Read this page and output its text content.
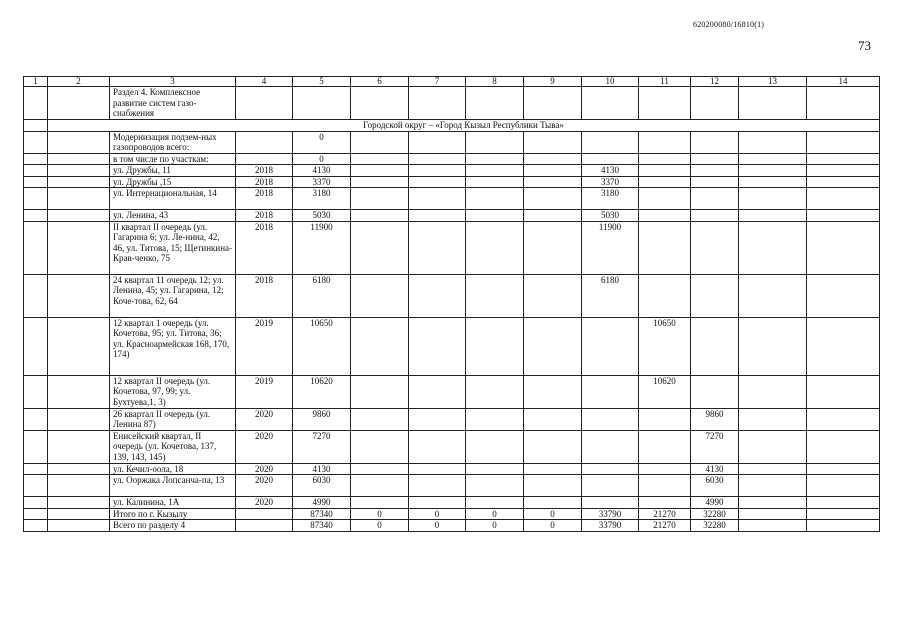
620200080/16810(1)
73
1	2	3	4	5	6	7	8	9	10	11	12	13	14
		Раздел 4. Комплексное развитие систем газо-снабжения											
	Городской округ – «Город Кызыл Республики Тыва»												
		Модернизация подзем-ных газопроводов всего:		0									
		в том числе по участкам:		0									
		ул. Дружбы, 11	2018	4130					4130				
		ул. Дружбы ,15	2018	3370					3370				
		ул. Интернациональная, 14	2018	3180					3180				
		ул. Ленина, 43	2018	5030					5030				
		II квартал II очередь (ул. Гагарина 6; ул. Ле-нина, 42, 46, ул. Титова, 15; Щетинкина-Крав-ченко, 75	2018	11900					11900				
		24 квартал 11 очередь 12; ул. Ленина, 45; ул. Гагарина, 12; Коче-това, 62, 64	2018	6180					6180				
		12 квартал 1 очередь (ул. Кочетова, 95; ул. Титова, 36; ул. Красноармейская 168, 170, 174)	2019	10650						10650			
		12 квартал II очередь (ул. Кочетова, 97, 99; ул. Бухтуева,1, 3)	2019	10620						10620			
		26 квартал II очередь (ул. Ленина 87)	2020	9860							9860		
		Енисейский квартал, II очередь (ул. Кочетова, 137, 139, 143, 145)	2020	7270							7270		
		ул. Кечил-оола, 18	2020	4130							4130		
		ул. Ооржака Лопсанча-па, 13	2020	6030							6030		
		ул. Калинина, 1А	2020	4990							4990		
		Итого по г. Кызылу		87340	0	0	0	0	33790	21270	32280		
		Всего по разделу 4		87340	0	0	0	0	33790	21270	32280		
